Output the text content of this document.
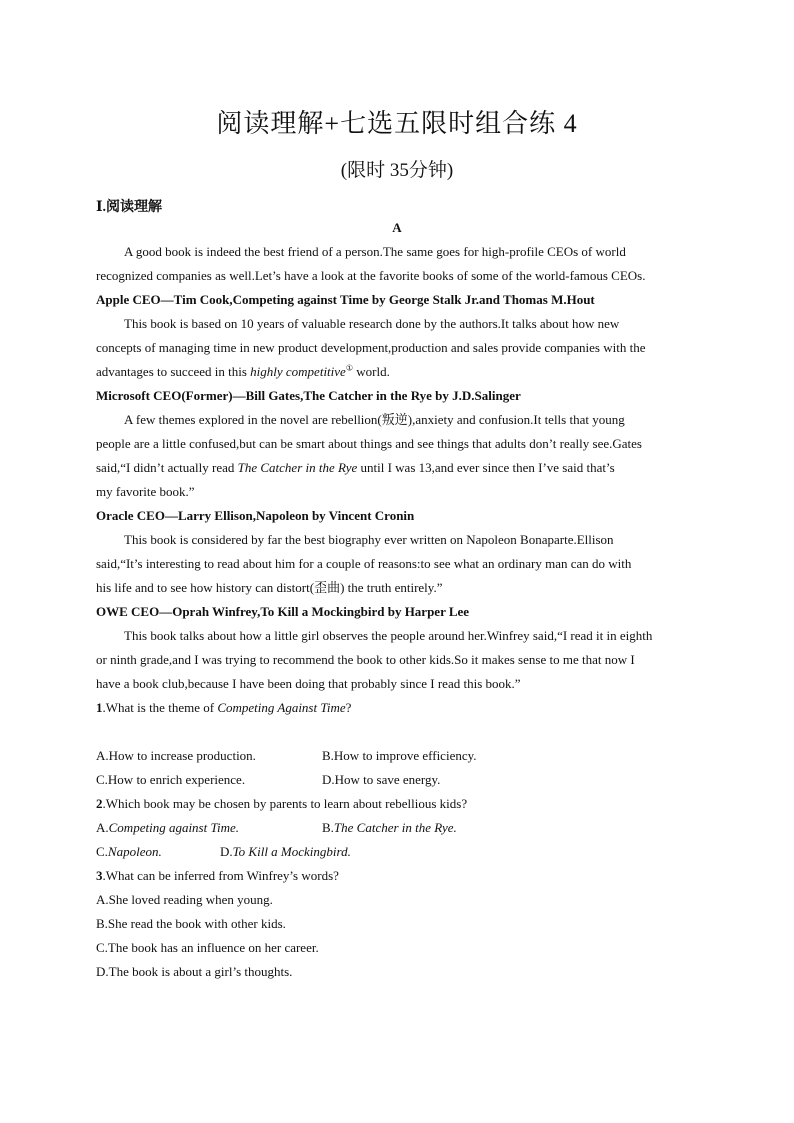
阅读理解+七选五限时组合练 4
(限时 35分钟)
Ⅰ.阅读理解
A
A good book is indeed the best friend of a person.The same goes for high-profile CEOs of world
recognized companies as well.Let’s have a look at the favorite books of some of the world-famous CEOs.
Apple CEO—Tim Cook,Competing against Time by George Stalk Jr.and Thomas M.Hout
This book is based on 10 years of valuable research done by the authors.It talks about how new
concepts of managing time in new product development,production and sales provide companies with the
advantages to succeed in this highly competitive① world.
Microsoft CEO(Former)—Bill Gates,The Catcher in the Rye by J.D.Salinger
A few themes explored in the novel are rebellion(叛逆),anxiety and confusion.It tells that young
people are a little confused,but can be smart about things and see things that adults don’t really see.Gates
said,“I didn’t actually read The Catcher in the Rye until I was 13,and ever since then I’ve said that’s
my favorite book.”
Oracle CEO—Larry Ellison,Napoleon by Vincent Cronin
This book is considered by far the best biography ever written on Napoleon Bonaparte.Ellison
said,“It’s interesting to read about him for a couple of reasons:to see what an ordinary man can do with
his life and to see how history can distort(歪曲) the truth entirely.”
OWE CEO—Oprah Winfrey,To Kill a Mockingbird by Harper Lee
This book talks about how a little girl observes the people around her.Winfrey said,“I read it in eighth
or ninth grade,and I was trying to recommend the book to other kids.So it makes sense to me that now I
have a book club,because I have been doing that probably since I read this book.”
1.What is the theme of Competing Against Time?
A.How to increase production.	B.How to improve efficiency.
C.How to enrich experience.	D.How to save energy.
2.Which book may be chosen by parents to learn about rebellious kids?
A.Competing against Time.	B.The Catcher in the Rye.
C.Napoleon.	D.To Kill a Mockingbird.
3.What can be inferred from Winfrey’s words?
A.She loved reading when young.
B.She read the book with other kids.
C.The book has an influence on her career.
D.The book is about a girl’s thoughts.
